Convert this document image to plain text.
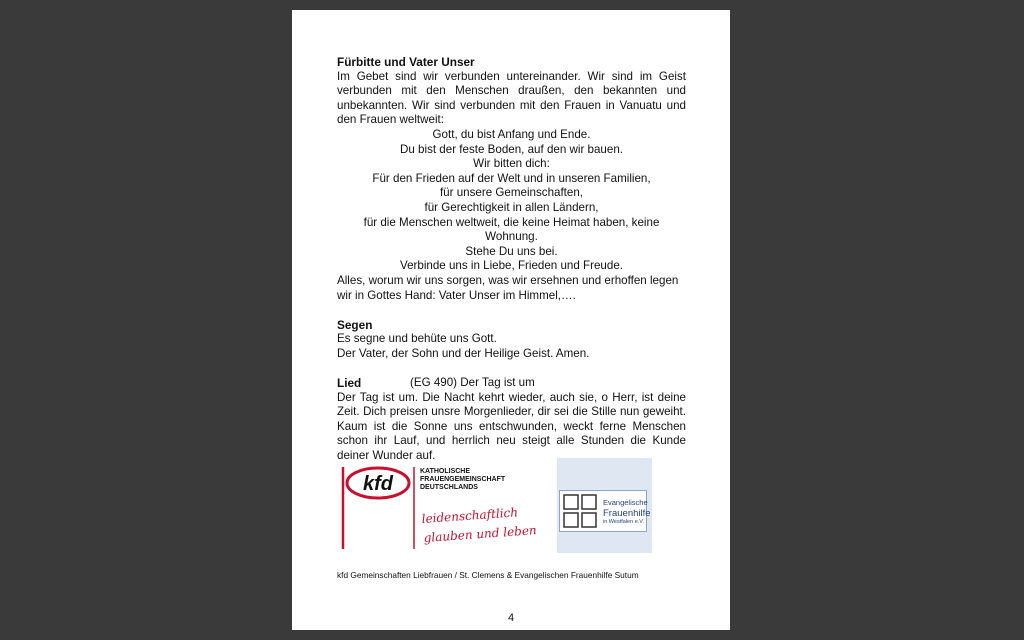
Fürbitte und Vater Unser

Im Gebet sind wir verbunden untereinander. Wir sind im Geist verbunden mit den Menschen draußen, den bekannten und unbekannten. Wir sind verbunden mit den Frauen in Vanuatu und den Frauen weltweit:

Gott, du bist Anfang und Ende.

Du bist der feste Boden, auf den wir bauen.

Wir bitten dich:

Für den Frieden auf der Welt und in unseren Familien,

für unsere Gemeinschaften,

für Gerechtigkeit in allen Ländern,

für die Menschen weltweit, die keine Heimat haben, keine Wohnung.

Stehe Du uns bei.

Verbinde uns in Liebe, Frieden und Freude.

Alles, worum wir uns sorgen, was wir ersehnen und erhoffen legen wir in Gottes Hand: Vater Unser im Himmel,….

Segen

Es segne und behüte uns Gott.

Der Vater, der Sohn und der Heilige Geist. Amen.

Lied	(EG 490) Der Tag ist um

Der Tag ist um. Die Nacht kehrt wieder, auch sie, o Herr, ist deine Zeit. Dich preisen unsre Morgenlieder, dir sei die Stille nun geweiht. Kaum ist die Sonne uns entschwunden, weckt ferne Menschen schon ihr Lauf, und herrlich neu steigt alle Stunden die Kunde deiner Wunder auf.

kfd
KATHOLISCHE
FRAUENGEMEINSCHAFT
DEUTSCHLANDS
leidenschaftlich
glauben und leben
Evangelische
Frauenhilfe
in Westfalen e.V.
kfd Gemeinschaften Liebfrauen / St. Clemens & Evangelischen Frauenhilfe Sutum
4
